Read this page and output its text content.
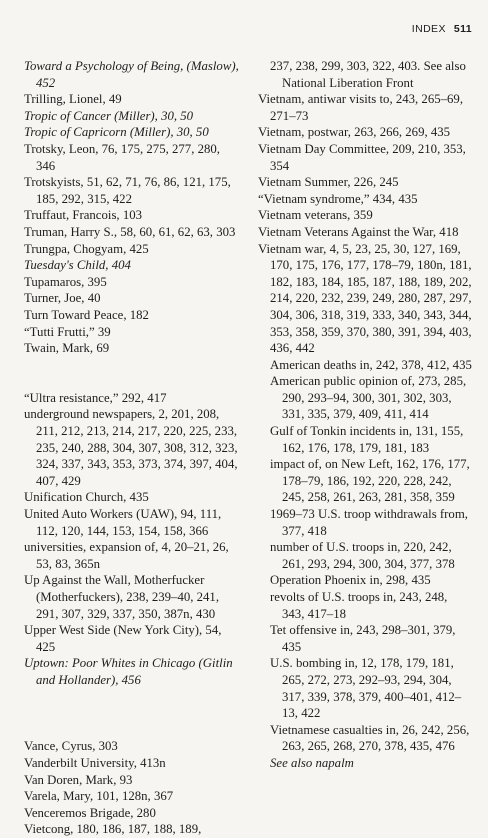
INDEX 511
Toward a Psychology of Being, (Maslow), 452
Trilling, Lionel, 49
Tropic of Cancer (Miller), 30, 50
Tropic of Capricorn (Miller), 30, 50
Trotsky, Leon, 76, 175, 275, 277, 280, 346
Trotskyists, 51, 62, 71, 76, 86, 121, 175, 185, 292, 315, 422
Truffaut, Francois, 103
Truman, Harry S., 58, 60, 61, 62, 63, 303
Trungpa, Chogyam, 425
Tuesday's Child, 404
Tupamaros, 395
Turner, Joe, 40
Turn Toward Peace, 182
“Tutti Frutti,” 39
Twain, Mark, 69
“Ultra resistance,” 292, 417
underground newspapers, 2, 201, 208, 211, 212, 213, 214, 217, 220, 225, 233, 235, 240, 288, 304, 307, 308, 312, 323, 324, 337, 343, 353, 373, 374, 397, 404, 407, 429
Unification Church, 435
United Auto Workers (UAW), 94, 111, 112, 120, 144, 153, 154, 158, 366
universities, expansion of, 4, 20–21, 26, 53, 83, 365n
Up Against the Wall, Motherfucker (Motherfuckers), 238, 239–40, 241, 291, 307, 329, 337, 350, 387n, 430
Upper West Side (New York City), 54, 425
Uptown: Poor Whites in Chicago (Gitlin and Hollander), 456
Vance, Cyrus, 303
Vanderbilt University, 413n
Van Doren, Mark, 93
Varela, Mary, 101, 128n, 367
Venceremos Brigade, 280
Vietcong, 180, 186, 187, 188, 189,
237, 238, 299, 303, 322, 403. See also National Liberation Front
Vietnam, antiwar visits to, 243, 265–69, 271–73
Vietnam, postwar, 263, 266, 269, 435
Vietnam Day Committee, 209, 210, 353, 354
Vietnam Summer, 226, 245
“Vietnam syndrome,” 434, 435
Vietnam veterans, 359
Vietnam Veterans Against the War, 418
Vietnam war, 4, 5, 23, 25, 30, 127, 169, 170, 175, 176, 177, 178–79, 180n, 181, 182, 183, 184, 185, 187, 188, 189, 202, 214, 220, 232, 239, 249, 280, 287, 297, 304, 306, 318, 319, 333, 340, 343, 344, 353, 358, 359, 370, 380, 391, 394, 403, 436, 442
American deaths in, 242, 378, 412, 435
American public opinion of, 273, 285, 290, 293–94, 300, 301, 302, 303, 331, 335, 379, 409, 411, 414
Gulf of Tonkin incidents in, 131, 155, 162, 176, 178, 179, 181, 183
impact of, on New Left, 162, 176, 177, 178–79, 186, 192, 220, 228, 242, 245, 258, 261, 263, 281, 358, 359
1969–73 U.S. troop withdrawals from, 377, 418
number of U.S. troops in, 220, 242, 261, 293, 294, 300, 304, 377, 378
Operation Phoenix in, 298, 435
revolts of U.S. troops in, 243, 248, 343, 417–18
Tet offensive in, 243, 298–301, 379, 435
U.S. bombing in, 12, 178, 179, 181, 265, 272, 273, 292–93, 294, 304, 317, 339, 378, 379, 400–401, 412–13, 422
Vietnamese casualties in, 26, 242, 256, 263, 265, 268, 270, 378, 435, 476
See also napalm
